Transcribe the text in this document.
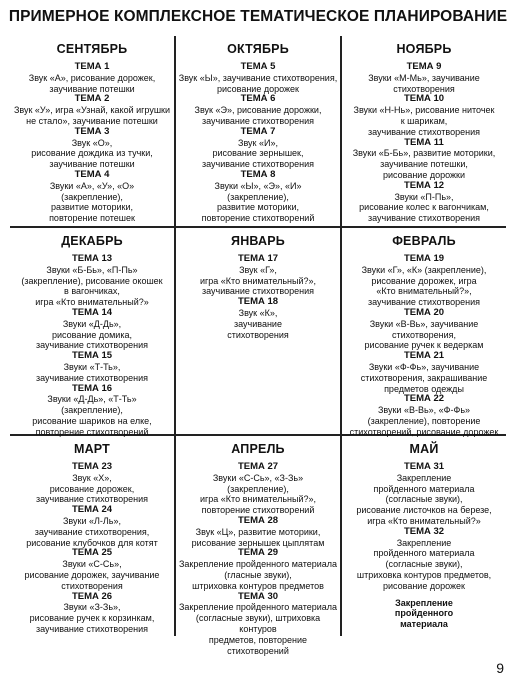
ПРИМЕРНОЕ КОМПЛЕКСНОЕ ТЕМАТИЧЕСКОЕ ПЛАНИРОВАНИЕ
СЕНТЯБРЬ
ТЕМА 1
Звук «А», рисование дорожек,
заучивание потешки
ТЕМА 2
Звук «У», игра «Узнай, какой игрушки
не стало», заучивание потешки
ТЕМА 3
Звук «О»,
рисование дождика из тучки,
заучивание потешки
ТЕМА 4
Звуки «А», «У», «О»
(закрепление),
развитие моторики,
повторение потешек
ОКТЯБРЬ
ТЕМА 5
Звук «Ы», заучивание стихотворения,
рисование дорожек
ТЕМА 6
Звук «Э», рисование дорожки,
заучивание стихотворения
ТЕМА 7
Звук «И»,
рисование зернышек,
заучивание стихотворения
ТЕМА 8
Звуки «Ы», «Э», «И»
(закрепление),
развитие моторики,
повторение стихотворений
НОЯБРЬ
ТЕМА 9
Звуки «М-Мь», заучивание
стихотворения
ТЕМА 10
Звуки «Н-Нь», рисование ниточек
к шарикам,
заучивание стихотворения
ТЕМА 11
Звуки «Б-Бь», развитие моторики,
заучивание потешки,
рисование дорожки
ТЕМА 12
Звуки «П-Пь»,
рисование колес к вагончикам,
заучивание стихотворения
ДЕКАБРЬ
ТЕМА 13
Звуки «Б-Бь», «П-Пь»
(закрепление), рисование окошек
в вагончиках,
игра «Кто внимательный?»
ТЕМА 14
Звуки «Д-Дь»,
рисование домика,
заучивание стихотворения
ТЕМА 15
Звуки «Т-Ть»,
заучивание стихотворения
ТЕМА 16
Звуки «Д-Дь», «Т-Ть»
(закрепление),
рисование шариков на елке,
повторение стихотворений
ЯНВАРЬ
ТЕМА 17
Звук «Г»,
игра «Кто внимательный?»,
заучивание стихотворения
ТЕМА 18
Звук «К»,
заучивание
стихотворения
ФЕВРАЛЬ
ТЕМА 19
Звуки «Г», «К» (закрепление),
рисование дорожек, игра
«Кто внимательный?»,
заучивание стихотворения
ТЕМА 20
Звуки «В-Вь», заучивание
стихотворения,
рисование ручек к ведеркам
ТЕМА 21
Звуки «Ф-Фь», заучивание
стихотворения, закрашивание
предметов одежды
ТЕМА 22
Звуки «В-Вь», «Ф-Фь»
(закрепление), повторение
стихотворений, рисование дорожек
МАРТ
ТЕМА 23
Звук «Х»,
рисование дорожек,
заучивание стихотворения
ТЕМА 24
Звуки «Л-Ль»,
заучивание стихотворения,
рисование клубочков для котят
ТЕМА 25
Звуки «С-Сь»,
рисование дорожек, заучивание
стихотворения
ТЕМА 26
Звуки «З-Зь»,
рисование ручек к корзинкам,
заучивание стихотворения
АПРЕЛЬ
ТЕМА 27
Звуки «С-Сь», «З-Зь»
(закрепление),
игра «Кто внимательный?»,
повторение стихотворений
ТЕМА 28
Звук «Ц», развитие моторики,
рисование зернышек цыплятам
ТЕМА 29
Закрепление пройденного материала
(гласные звуки),
штриховка контуров предметов
ТЕМА 30
Закрепление пройденного материала
(согласные звуки), штриховка контуров
предметов, повторение стихотворений
МАЙ
ТЕМА 31
Закрепление
пройденного материала
(согласные звуки),
рисование листочков на березе,
игра «Кто внимательный?»
ТЕМА 32
Закрепление
пройденного материала
(согласные звуки),
штриховка контуров предметов,
рисование дорожек
Закрепление
пройденного
материала
9
